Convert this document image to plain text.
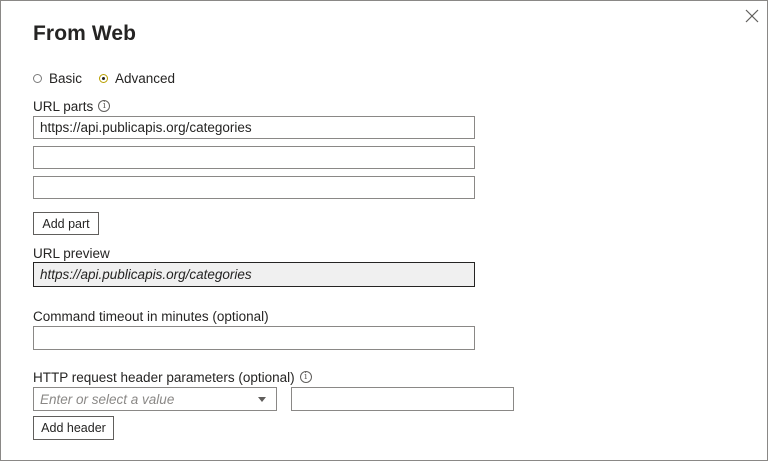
From Web
Basic Advanced
URL parts	i
https://api.publicapis.org/categories
Add part
URL preview
https://api.publicapis.org/categories
Command timeout in minutes (optional)
HTTP request header parameters (optional)	i
Enter or select a value
Add header
